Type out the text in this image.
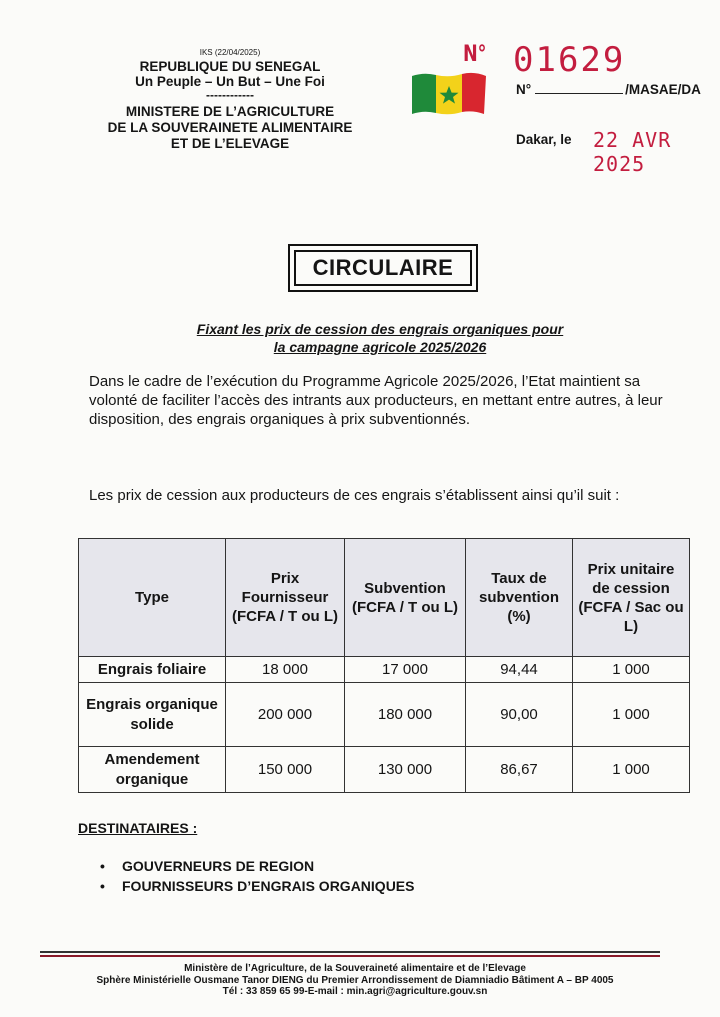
IKS (22/04/2025)
REPUBLIQUE DU SENEGAL
Un Peuple – Un But – Une Foi
------------
MINISTERE DE L’AGRICULTURE
DE LA SOUVERAINETE ALIMENTAIRE
ET DE L’ELEVAGE
N° 01629
N°	/MASAE/DA
Dakar, le 22 AVR 2025
CIRCULAIRE
Fixant les prix de cession des engrais organiques pour
la campagne agricole 2025/2026
Dans le cadre de l’exécution du Programme Agricole 2025/2026, l’Etat maintient sa volonté de faciliter l’accès des intrants aux producteurs, en mettant entre autres, à leur disposition, des engrais organiques à prix subventionnés.
Les prix de cession aux producteurs de ces engrais s’établissent ainsi qu’il suit :
Type	Prix Fournisseur (FCFA / T ou L)	Subvention (FCFA / T ou L)	Taux de subvention (%)	Prix unitaire de cession (FCFA / Sac ou L)
Engrais foliaire	18 000	17 000	94,44	1 000
Engrais organique solide	200 000	180 000	90,00	1 000
Amendement organique	150 000	130 000	86,67	1 000
DESTINATAIRES :
• GOUVERNEURS DE REGION
• FOURNISSEURS D’ENGRAIS ORGANIQUES
Ministère de l’Agriculture, de la Souveraineté alimentaire et de l’Elevage
Sphère Ministérielle Ousmane Tanor DIENG du Premier Arrondissement de Diamniadio Bâtiment A – BP 4005
Tél : 33 859 65 99-E-mail : min.agri@agriculture.gouv.sn
